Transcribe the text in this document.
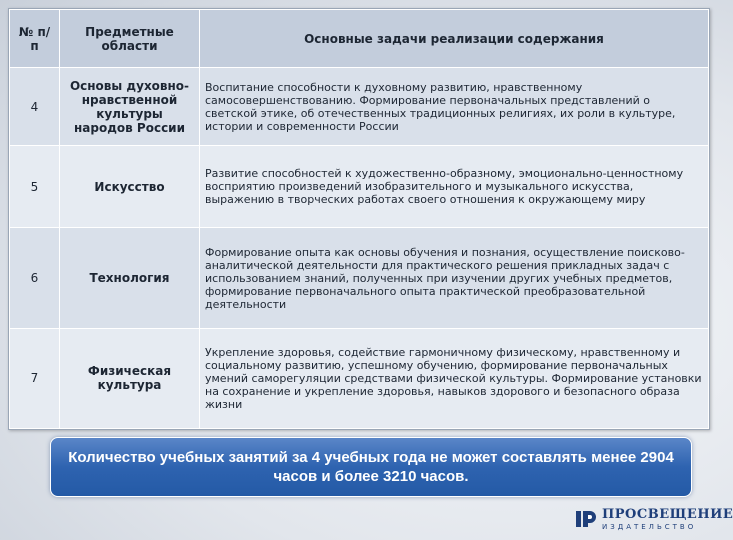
№ п/п	Предметные области	Основные задачи реализации содержания
4	Основы духовно-нравственной культуры народов России	Воспитание способности к духовному развитию, нравственному самосовершенствованию. Формирование первоначальных представлений о светской этике, об отечественных традиционных религиях, их роли в культуре, истории и современности России
5	Искусство	Развитие способностей к художественно-образному, эмоционально-ценностному восприятию произведений изобразительного и музыкального искусства, выражению в творческих работах своего отношения к окружающему миру
6	Технология	Формирование опыта как основы обучения и познания, осуществление поисково-аналитической деятельности для практического решения прикладных задач с использованием знаний, полученных при изучении других учебных предметов, формирование первоначального опыта практической преобразовательной деятельности
7	Физическая культура	Укрепление здоровья, содействие гармоничному физическому, нравственному и социальному развитию, успешному обучению, формирование первоначальных умений саморегуляции средствами физической культуры. Формирование установки на сохранение и укрепление здоровья, навыков здорового и безопасного образа жизни
Количество учебных занятий за 4 учебных года не может составлять менее 2904 часов и более 3210 часов.
ПРОСВЕЩЕНИЕ
ИЗДАТЕЛЬСТВО
